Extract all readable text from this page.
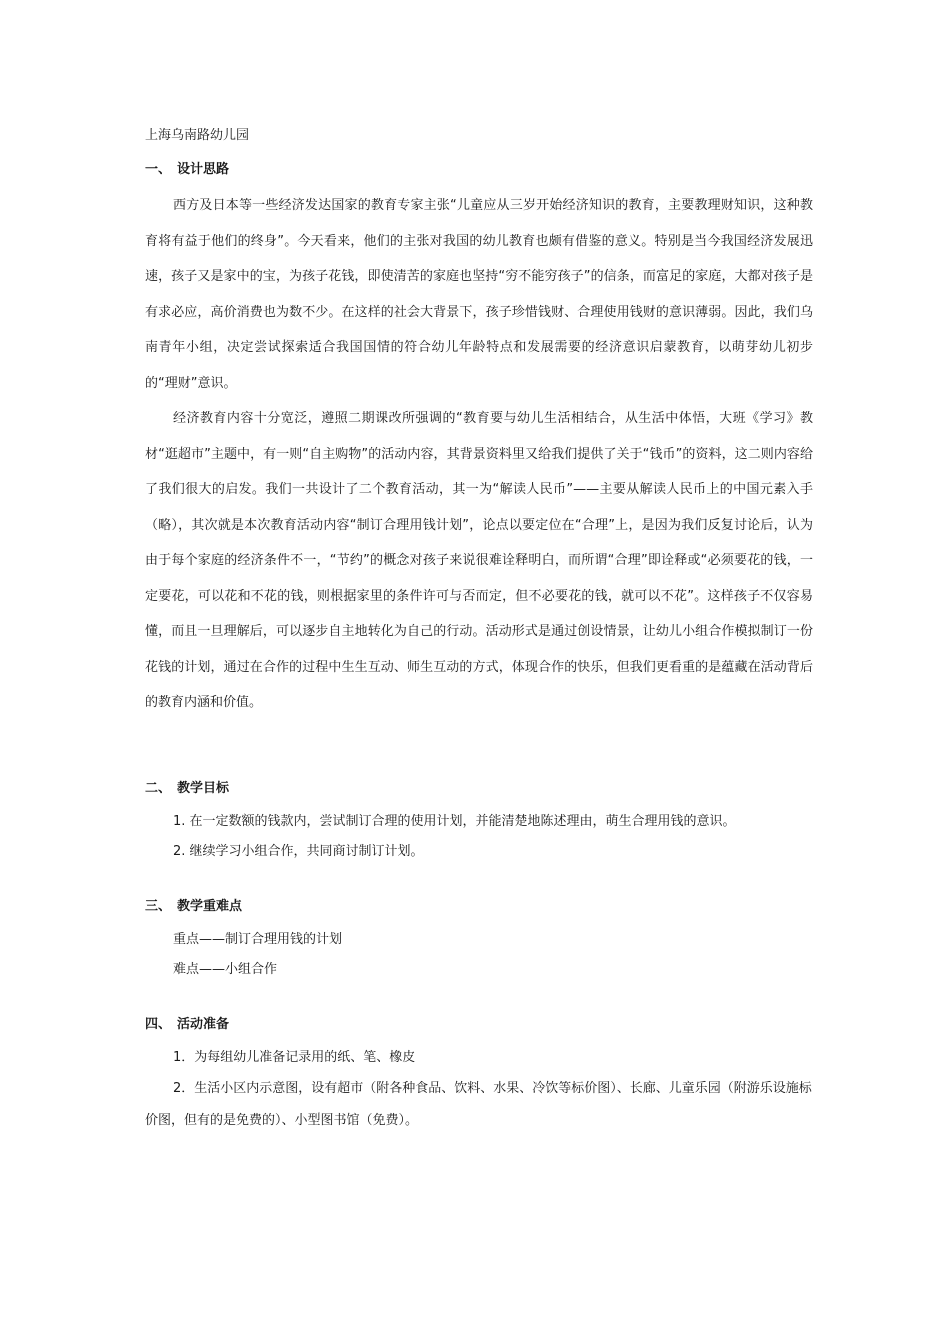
上海乌南路幼儿园

一、 设计思路

西方及日本等一些经济发达国家的教育专家主张“儿童应从三岁开始经济知识的教育，主要教理财知识，这种教育将有益于他们的终身”。今天看来，他们的主张对我国的幼儿教育也颇有借鉴的意义。特别是当今我国经济发展迅速，孩子又是家中的宝，为孩子花钱，即使清苦的家庭也坚持“穷不能穷孩子”的信条，而富足的家庭，大都对孩子是有求必应，高价消费也为数不少。在这样的社会大背景下，孩子珍惜钱财、合理使用钱财的意识薄弱。因此，我们乌南青年小组，决定尝试探索适合我国国情的符合幼儿年龄特点和发展需要的经济意识启蒙教育，以萌芽幼儿初步的“理财”意识。

经济教育内容十分宽泛，遵照二期课改所强调的“教育要与幼儿生活相结合，从生活中体悟，大班《学习》教材“逛超市”主题中，有一则“自主购物”的活动内容，其背景资料里又给我们提供了关于“钱币”的资料，这二则内容给了我们很大的启发。我们一共设计了二个教育活动，其一为“解读人民币”——主要从解读人民币上的中国元素入手（略），其次就是本次教育活动内容“制订合理用钱计划”，论点以要定位在“合理”上，是因为我们反复讨论后，认为由于每个家庭的经济条件不一，“节约”的概念对孩子来说很难诠释明白，而所谓“合理”即诠释或“必须要花的钱，一定要花，可以花和不花的钱，则根据家里的条件许可与否而定，但不必要花的钱，就可以不花”。这样孩子不仅容易懂，而且一旦理解后，可以逐步自主地转化为自己的行动。活动形式是通过创设情景，让幼儿小组合作模拟制订一份花钱的计划，通过在合作的过程中生生互动、师生互动的方式，体现合作的快乐，但我们更看重的是蕴藏在活动背后的教育内涵和价值。

二、 教学目标

1. 在一定数额的钱款内，尝试制订合理的使用计划，并能清楚地陈述理由，萌生合理用钱的意识。

2. 继续学习小组合作，共同商讨制订计划。

三、 教学重难点

重点——制订合理用钱的计划

难点——小组合作

四、 活动准备

1．为每组幼儿准备记录用的纸、笔、橡皮

2．生活小区内示意图，设有超市（附各种食品、饮料、水果、冷饮等标价图）、长廊、儿童乐园（附游乐设施标价图，但有的是免费的）、小型图书馆（免费）。
